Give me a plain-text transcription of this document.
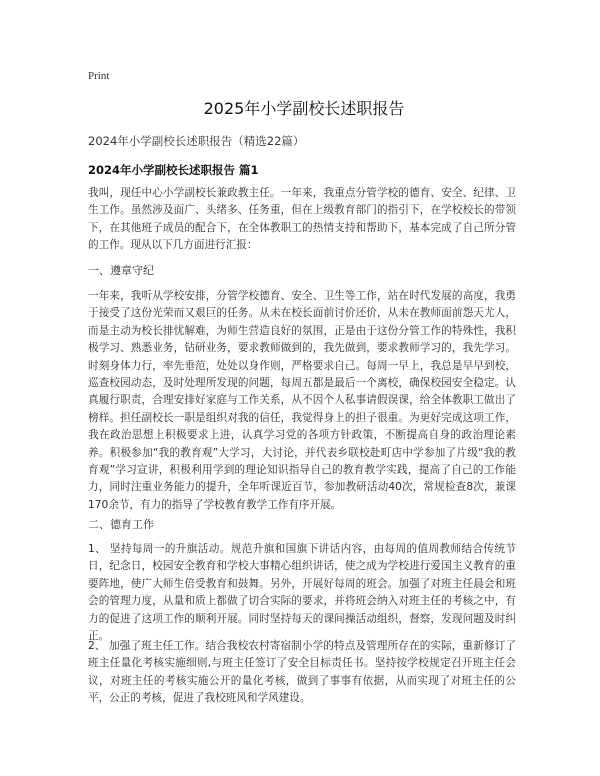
Print
2025年小学副校长述职报告
2024年小学副校长述职报告（精选22篇）
2024年小学副校长述职报告 篇1

我叫，现任中心小学副校长兼政教主任。一年来，我重点分管学校的德育、安全、纪律、卫生工作。虽然涉及面广、头绪多、任务重，但在上级教育部门的指引下，在学校校长的带领下，在其他班子成员的配合下，在全体教职工的热情支持和帮助下，基本完成了自己所分管的工作。现从以下几方面进行汇报：

一、遵章守纪

一年来，我听从学校安排，分管学校德育、安全、卫生等工作，站在时代发展的高度，我勇于接受了这份光荣而又艰巨的任务。从未在校长面前讨价还价，从未在教师面前怨天尤人，而是主动为校长排忧解难，为师生营造良好的氛围，正是由于这份分管工作的特殊性，我积极学习、熟悉业务，钻研业务，要求教师做到的，我先做到，要求教师学习的，我先学习。时刻身体力行，率先垂范，处处以身作则，严格要求自己。每周一早上，我总是早早到校，巡查校园动态，及时处理所发现的问题，每周五都是最后一个离校，确保校园安全稳定。认真履行职责，合理安排好家庭与工作关系，从不因个人私事请假误课，给全体教职工做出了榜样。担任副校长一职是组织对我的信任，我觉得身上的担子很重。为更好完成这项工作，我在政治思想上积极要求上进，认真学习党的各项方针政策，不断提高自身的政治理论素养。积极参加“我的教育观”大学习，大讨论，并代表乡联校赴町店中学参加了片级“我的教育观”学习宣讲，积极利用学到的理论知识指导自己的教育教学实践，提高了自己的工作能力，同时注重业务能力的提升，全年听课近百节，参加教研活动40次，常规检查8次，兼课170余节，有力的指导了学校教育教学工作有序开展。

二、德育工作

1、 坚持每周一的升旗活动。规范升旗和国旗下讲话内容，由每周的值周教师结合传统节日，纪念日，校园安全教育和学校大事精心组织讲话，使之成为学校进行爱国主义教育的重要阵地，使广大师生倍受教育和鼓舞。另外，开展好每周的班会。加强了对班主任晨会和班会的管理力度，从量和质上都做了切合实际的要求，并将班会纳入对班主任的考核之中，有力的促进了这项工作的顺利开展。同时坚持每天的课间操活动组织，督察，发现问题及时纠正。

2、 加强了班主任工作。结合我校农村寄宿制小学的特点及管理所存在的实际，重新修订了班主任量化考核实施细则,与班主任签订了安全目标责任书。坚持按学校规定召开班主任会议，对班主任的考核实施公开的量化考核，做到了事事有依据，从而实现了对班主任的公平，公正的考核，促进了我校班风和学风建设。
